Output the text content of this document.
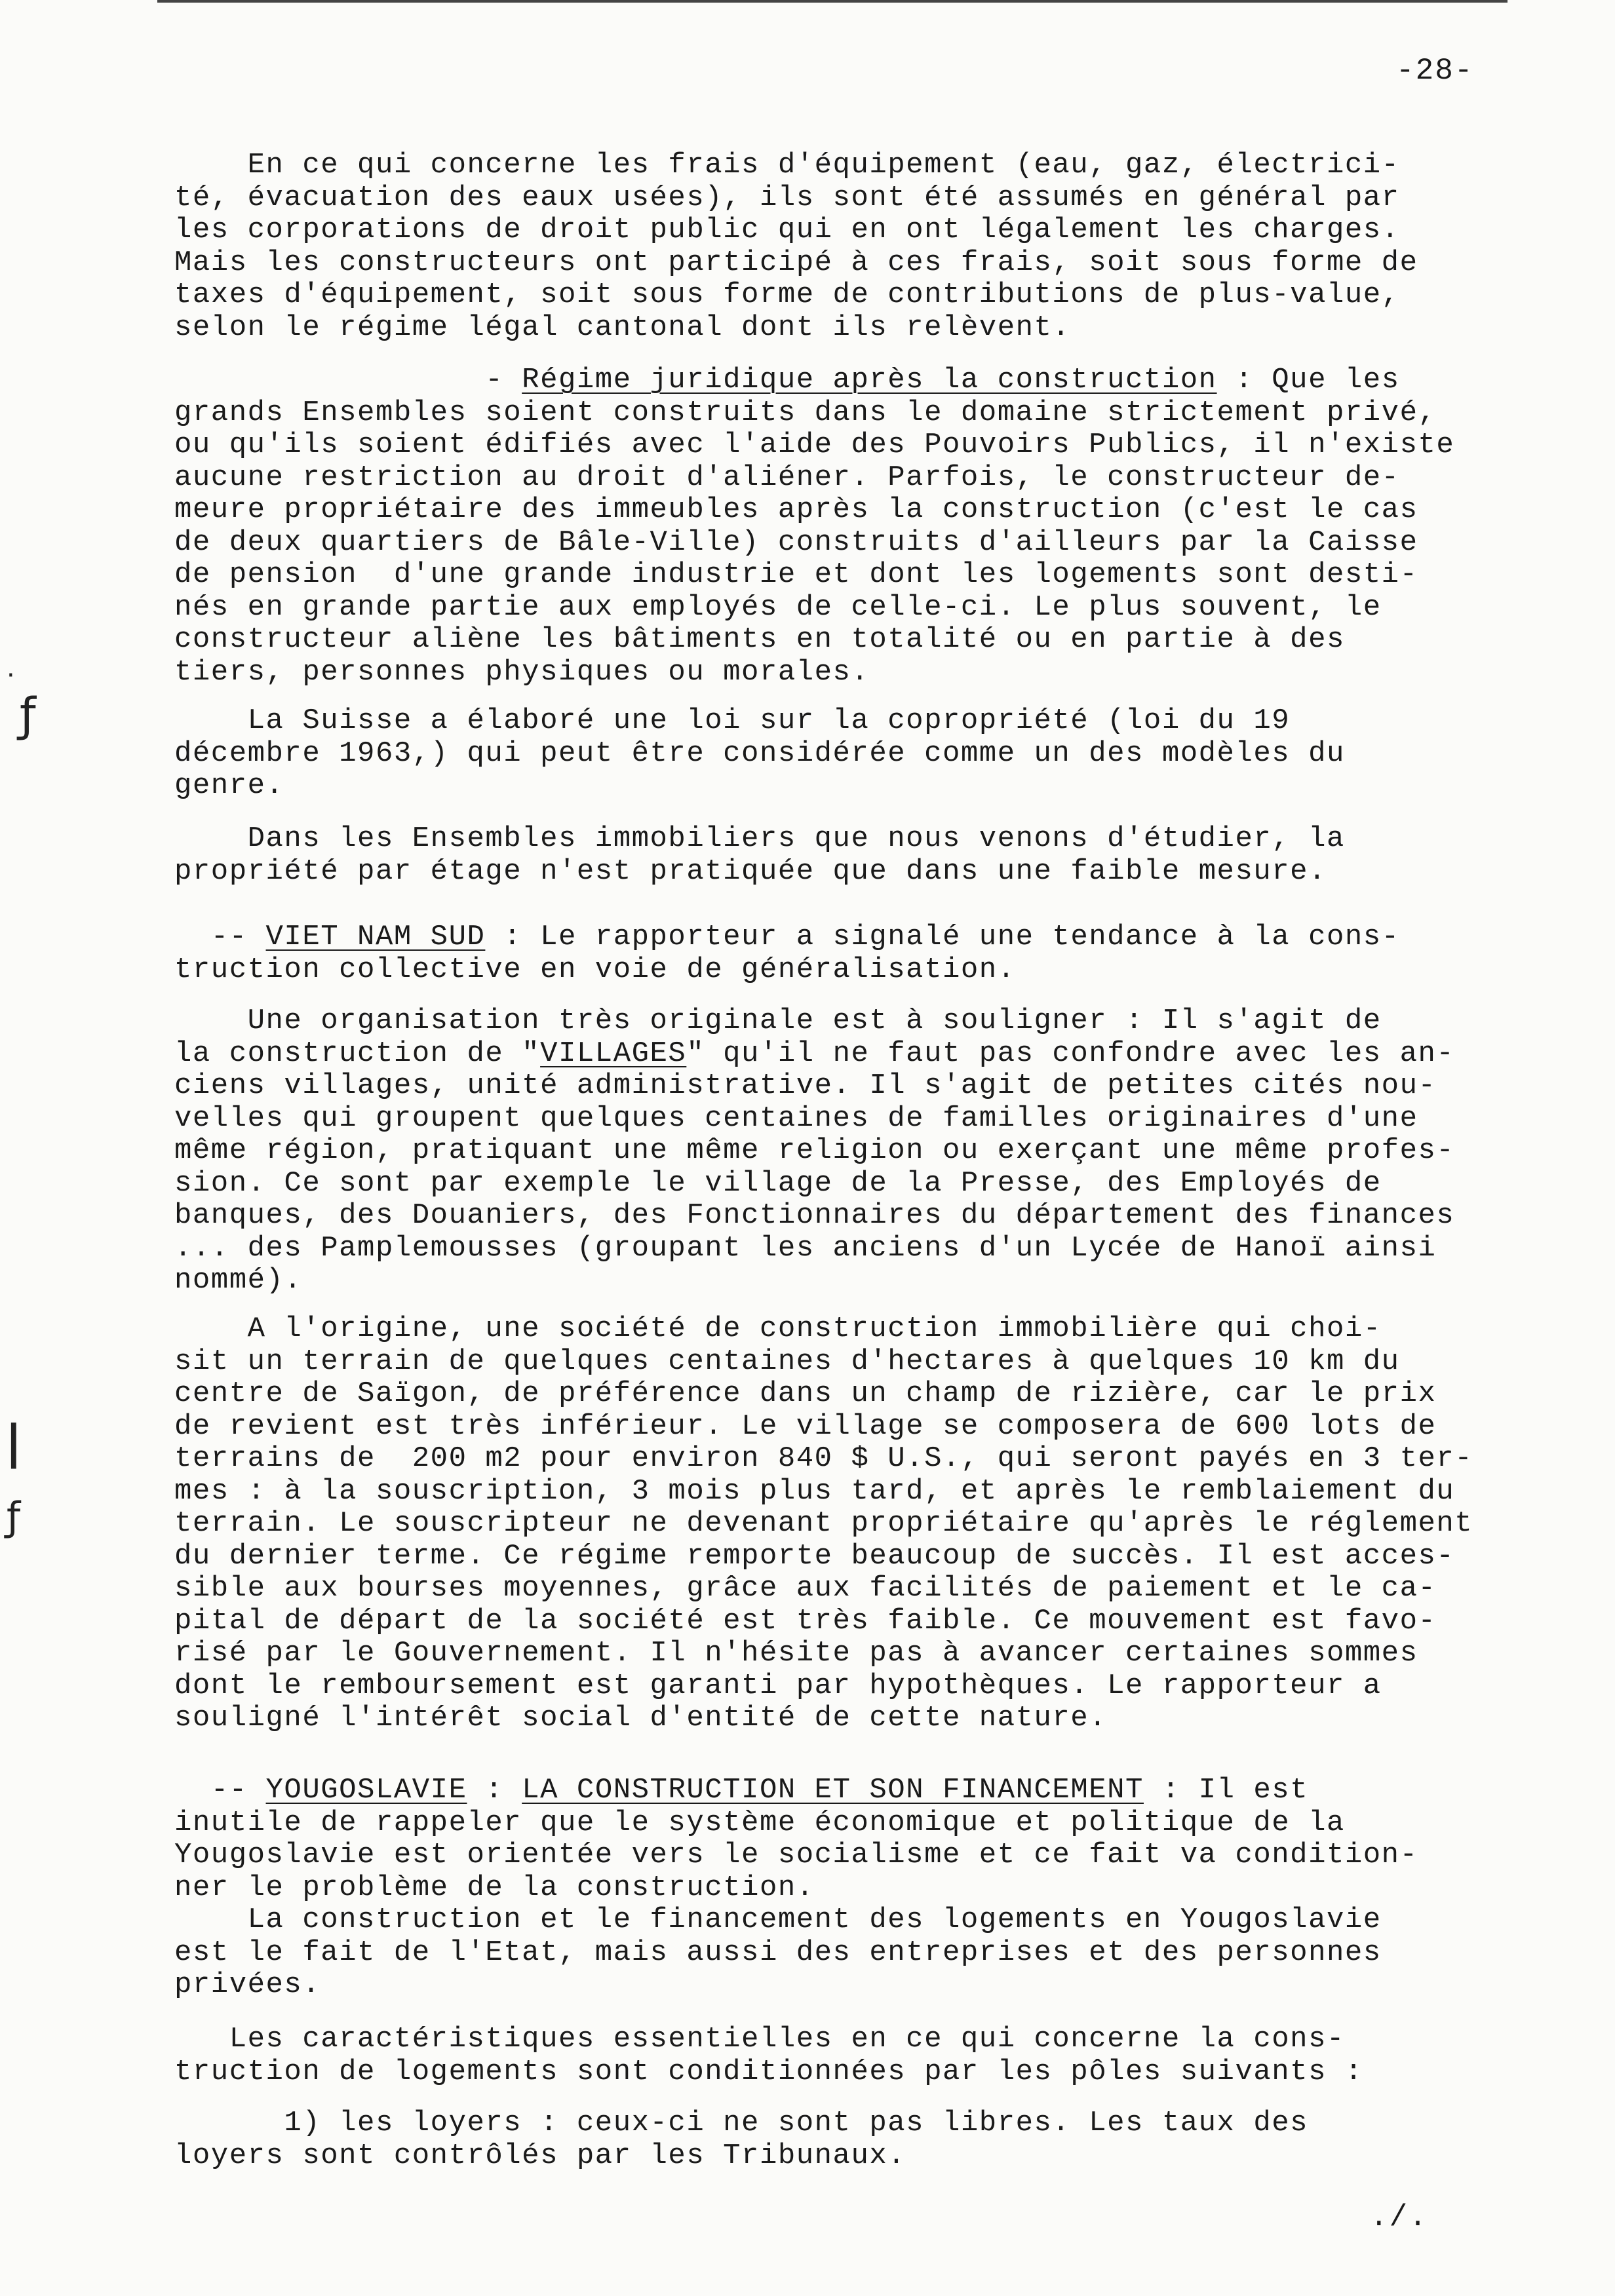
-28-
·
ƒ
|
ƒ
En ce qui concerne les frais d'équipement (eau, gaz, électrici-
té, évacuation des eaux usées), ils sont été assumés en général par
les corporations de droit public qui en ont légalement les charges.
Mais les constructeurs ont participé à ces frais, soit sous forme de
taxes d'équipement, soit sous forme de contributions de plus-value,
selon le régime légal cantonal dont ils relèvent.
- Régime juridique après la construction : Que les
grands Ensembles soient construits dans le domaine strictement privé,
ou qu'ils soient édifiés avec l'aide des Pouvoirs Publics, il n'existe
aucune restriction au droit d'aliéner. Parfois, le constructeur de-
meure propriétaire des immeubles après la construction (c'est le cas
de deux quartiers de Bâle-Ville) construits d'ailleurs par la Caisse
de pension  d'une grande industrie et dont les logements sont desti-
nés en grande partie aux employés de celle-ci. Le plus souvent, le
constructeur aliène les bâtiments en totalité ou en partie à des
tiers, personnes physiques ou morales.
La Suisse a élaboré une loi sur la copropriété (loi du 19
décembre 1963,) qui peut être considérée comme un des modèles du
genre.
Dans les Ensembles immobiliers que nous venons d'étudier, la
propriété par étage n'est pratiquée que dans une faible mesure.
-- VIET NAM SUD : Le rapporteur a signalé une tendance à la cons-
truction collective en voie de généralisation.
Une organisation très originale est à souligner : Il s'agit de
la construction de "VILLAGES" qu'il ne faut pas confondre avec les an-
ciens villages, unité administrative. Il s'agit de petites cités nou-
velles qui groupent quelques centaines de familles originaires d'une
même région, pratiquant une même religion ou exerçant une même profes-
sion. Ce sont par exemple le village de la Presse, des Employés de
banques, des Douaniers, des Fonctionnaires du département des finances
... des Pamplemousses (groupant les anciens d'un Lycée de Hanoï ainsi
nommé).
A l'origine, une société de construction immobilière qui choi-
sit un terrain de quelques centaines d'hectares à quelques 10 km du
centre de Saïgon, de préférence dans un champ de rizière, car le prix
de revient est très inférieur. Le village se composera de 600 lots de
terrains de  200 m2 pour environ 840 $ U.S., qui seront payés en 3 ter-
mes : à la souscription, 3 mois plus tard, et après le remblaiement du
terrain. Le souscripteur ne devenant propriétaire qu'après le réglement
du dernier terme. Ce régime remporte beaucoup de succès. Il est acces-
sible aux bourses moyennes, grâce aux facilités de paiement et le ca-
pital de départ de la société est très faible. Ce mouvement est favo-
risé par le Gouvernement. Il n'hésite pas à avancer certaines sommes
dont le remboursement est garanti par hypothèques. Le rapporteur a
souligné l'intérêt social d'entité de cette nature.
-- YOUGOSLAVIE : LA CONSTRUCTION ET SON FINANCEMENT : Il est
inutile de rappeler que le système économique et politique de la
Yougoslavie est orientée vers le socialisme et ce fait va condition-
ner le problème de la construction.
La construction et le financement des logements en Yougoslavie
est le fait de l'Etat, mais aussi des entreprises et des personnes
privées.
Les caractéristiques essentielles en ce qui concerne la cons-
truction de logements sont conditionnées par les pôles suivants :
1) les loyers : ceux-ci ne sont pas libres. Les taux des
loyers sont contrôlés par les Tribunaux.
./.
